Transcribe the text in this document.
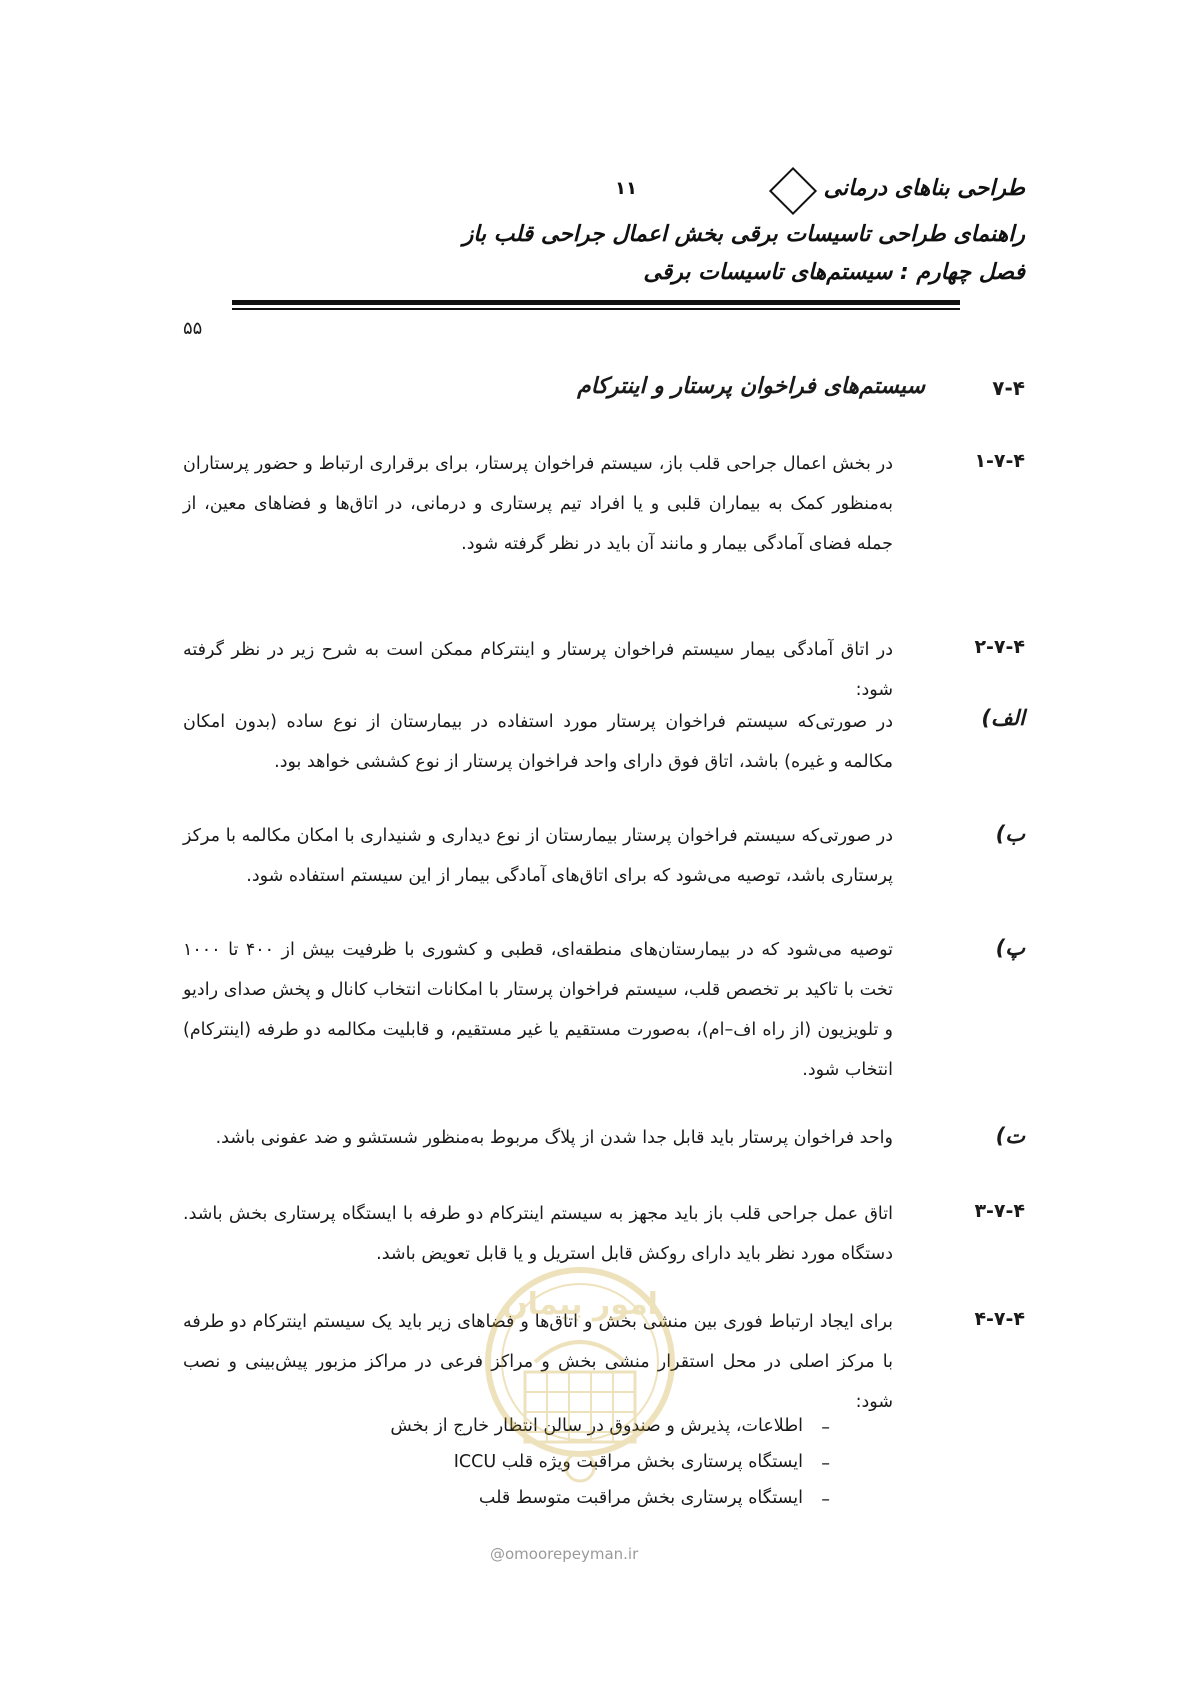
طراحی بناهای درمانی
۱۱
راهنمای طراحی تاسیسات برقی بخش اعمال جراحی قلب باز
فصل چهارم : سیستم‌های تاسیسات برقی
۵۵
۷-۴
سیستم‌های فراخوان پرستار و اینترکام
۱-۷-۴
در بخش اعمال جراحی قلب باز، سیستم فراخوان پرستار، برای برقراری ارتباط و حضور پرستاران به‌منظور کمک به بیماران قلبی و یا افراد تیم پرستاری و درمانی، در اتاق‌ها و فضاهای معین، از جمله فضای آمادگی بیمار و مانند آن باید در نظر گرفته شود.
۲-۷-۴
در اتاق آمادگی بیمار سیستم فراخوان پرستار و اینترکام ممکن است به شرح زیر در نظر گرفته شود:
الف)
در صورتی‌که سیستم فراخوان پرستار مورد استفاده در بیمارستان از نوع ساده (بدون امکان مکالمه و غیره) باشد، اتاق فوق دارای واحد فراخوان پرستار از نوع کششی خواهد بود.
ب)
در صورتی‌که سیستم فراخوان پرستار بیمارستان از نوع دیداری و شنیداری با امکان مکالمه با مرکز پرستاری باشد، توصیه می‌شود که برای اتاق‌های آمادگی بیمار از این سیستم استفاده شود.
پ)
توصیه می‌شود که در بیمارستان‌های منطقه‌ای، قطبی و کشوری با ظرفیت بیش از ۴۰۰ تا ۱۰۰۰ تخت با تاکید بر تخصص قلب، سیستم فراخوان پرستار با امکانات انتخاب کانال و پخش صدای رادیو و تلویزیون (از راه اف–ام)، به‌صورت مستقیم یا غیر مستقیم، و قابلیت مکالمه دو طرفه (اینترکام) انتخاب شود.
ت)
واحد فراخوان پرستار باید قابل جدا شدن از پلاگ مربوط به‌منظور شستشو و ضد عفونی باشد.
۳-۷-۴
اتاق عمل جراحی قلب باز باید مجهز به سیستم اینترکام دو طرفه با ایستگاه پرستاری بخش باشد. دستگاه مورد نظر باید دارای روکش قابل استریل و یا قابل تعویض باشد.
۴-۷-۴
برای ایجاد ارتباط فوری بین منشی بخش و اتاق‌ها و فضاهای زیر باید یک سیستم اینترکام دو طرفه با مرکز اصلی در محل استقرار منشی بخش و مراکز فرعی در مراکز مزبور پیش‌بینی و نصب شود:
–
اطلاعات، پذیرش و صندوق در سالن انتظار خارج از بخش
–
ایستگاه پرستاری بخش مراقبت ویژه قلب ICCU
–
ایستگاه پرستاری بخش مراقبت متوسط قلب
امور پیمان
@omoorepeyman.ir
